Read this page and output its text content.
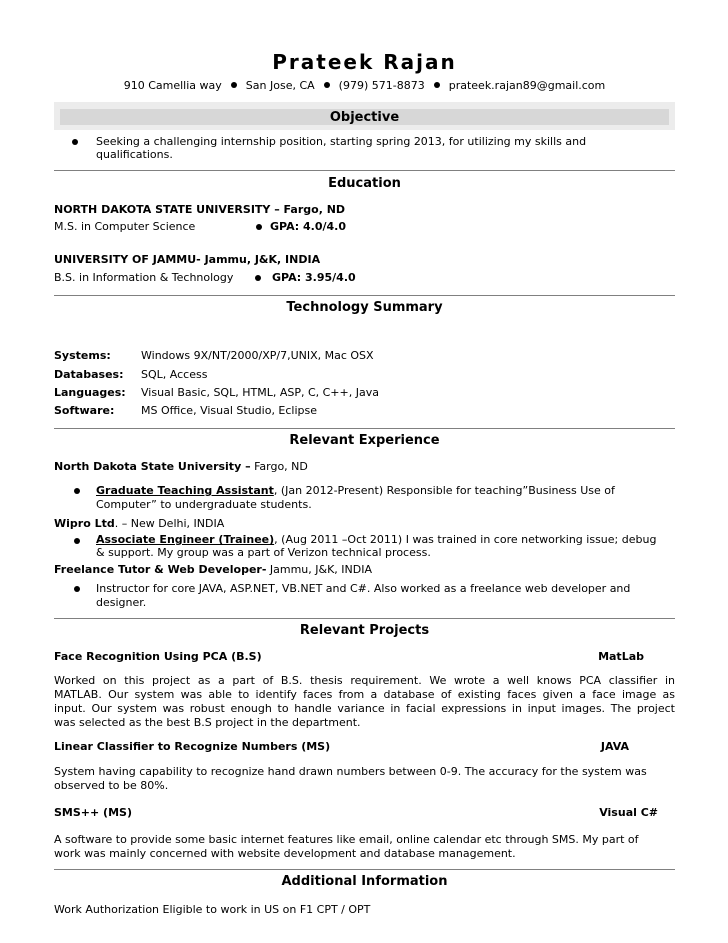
Prateek Rajan
910 Camellia way San Jose, CA (979) 571-8873 prateek.rajan89@gmail.com
Objective
Seeking a challenging internship position, starting spring 2013, for utilizing my skills and
qualifications.
Education
NORTH DAKOTA STATE UNIVERSITY – Fargo, ND
M.S. in Computer Science	GPA: 4.0/4.0
UNIVERSITY OF JAMMU- Jammu, J&K, INDIA
B.S. in Information & Technology	GPA: 3.95/4.0
Technology Summary
Systems:	Windows 9X/NT/2000/XP/7,UNIX, Mac OSX
Databases: SQL, Access
Languages: Visual Basic, SQL, HTML, ASP, C, C++, Java
Software: MS Office, Visual Studio, Eclipse
Relevant Experience
North Dakota State University – Fargo, ND
Graduate Teaching Assistant, (Jan 2012-Present) Responsible for teaching”Business Use of
Computer” to undergraduate students.
Wipro Ltd. – New Delhi, INDIA
Associate Engineer (Trainee), (Aug 2011 –Oct 2011) I was trained in core networking issue; debug
& support. My group was a part of Verizon technical process.
Freelance Tutor & Web Developer- Jammu, J&K, INDIA
Instructor for core JAVA, ASP.NET, VB.NET and C#. Also worked as a freelance web developer and
designer.
Relevant Projects
Face Recognition Using PCA (B.S)	MatLab
Worked on this project as a part of B.S. thesis requirement. We wrote a well knows PCA classifier in
MATLAB. Our system was able to identify faces from a database of existing faces given a face image as
input. Our system was robust enough to handle variance in facial expressions in input images. The project
was selected as the best B.S project in the department.
Linear Classifier to Recognize Numbers (MS)	JAVA
System having capability to recognize hand drawn numbers between 0-9. The accuracy for the system was
observed to be 80%.
SMS++ (MS)	Visual C#
A software to provide some basic internet features like email, online calendar etc through SMS. My part of
work was mainly concerned with website development and database management.
Additional Information
Work Authorization Eligible to work in US on F1 CPT / OPT
